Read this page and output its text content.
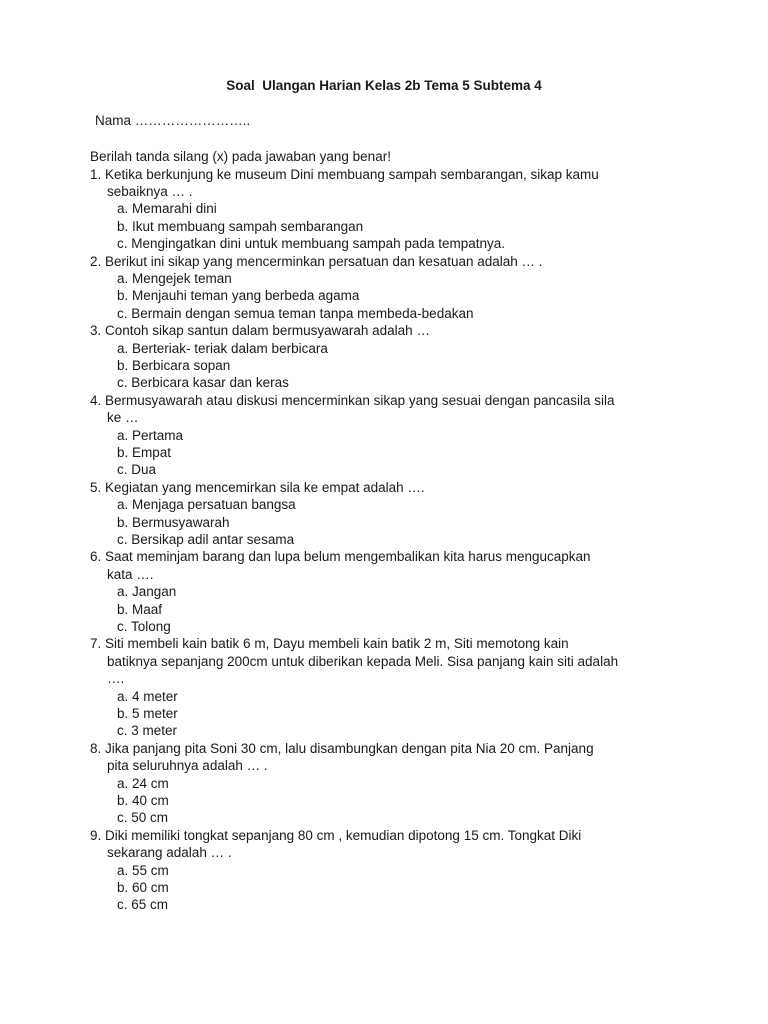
Soal  Ulangan Harian Kelas 2b Tema 5 Subtema 4
Nama ……………………..
Berilah tanda silang (x) pada jawaban yang benar!
1. Ketika berkunjung ke museum Dini membuang sampah sembarangan, sikap kamu
sebaiknya … .
a. Memarahi dini
b. Ikut membuang sampah sembarangan
c. Mengingatkan dini untuk membuang sampah pada tempatnya.
2. Berikut ini sikap yang mencerminkan persatuan dan kesatuan adalah … .
a. Mengejek teman
b. Menjauhi teman yang berbeda agama
c. Bermain dengan semua teman tanpa membeda-bedakan
3. Contoh sikap santun dalam bermusyawarah adalah …
a. Berteriak- teriak dalam berbicara
b. Berbicara sopan
c. Berbicara kasar dan keras
4. Bermusyawarah atau diskusi mencerminkan sikap yang sesuai dengan pancasila sila
ke …
a. Pertama
b. Empat
c. Dua
5. Kegiatan yang mencemirkan sila ke empat adalah ….
a. Menjaga persatuan bangsa
b. Bermusyawarah
c. Bersikap adil antar sesama
6. Saat meminjam barang dan lupa belum mengembalikan kita harus mengucapkan
kata ….
a. Jangan
b. Maaf
c. Tolong
7. Siti membeli kain batik 6 m, Dayu membeli kain batik 2 m, Siti memotong kain
batiknya sepanjang 200cm untuk diberikan kepada Meli. Sisa panjang kain siti adalah
….
a. 4 meter
b. 5 meter
c. 3 meter
8. Jika panjang pita Soni 30 cm, lalu disambungkan dengan pita Nia 20 cm. Panjang
pita seluruhnya adalah … .
a. 24 cm
b. 40 cm
c. 50 cm
9. Diki memiliki tongkat sepanjang 80 cm , kemudian dipotong 15 cm. Tongkat Diki
sekarang adalah … .
a. 55 cm
b. 60 cm
c. 65 cm
